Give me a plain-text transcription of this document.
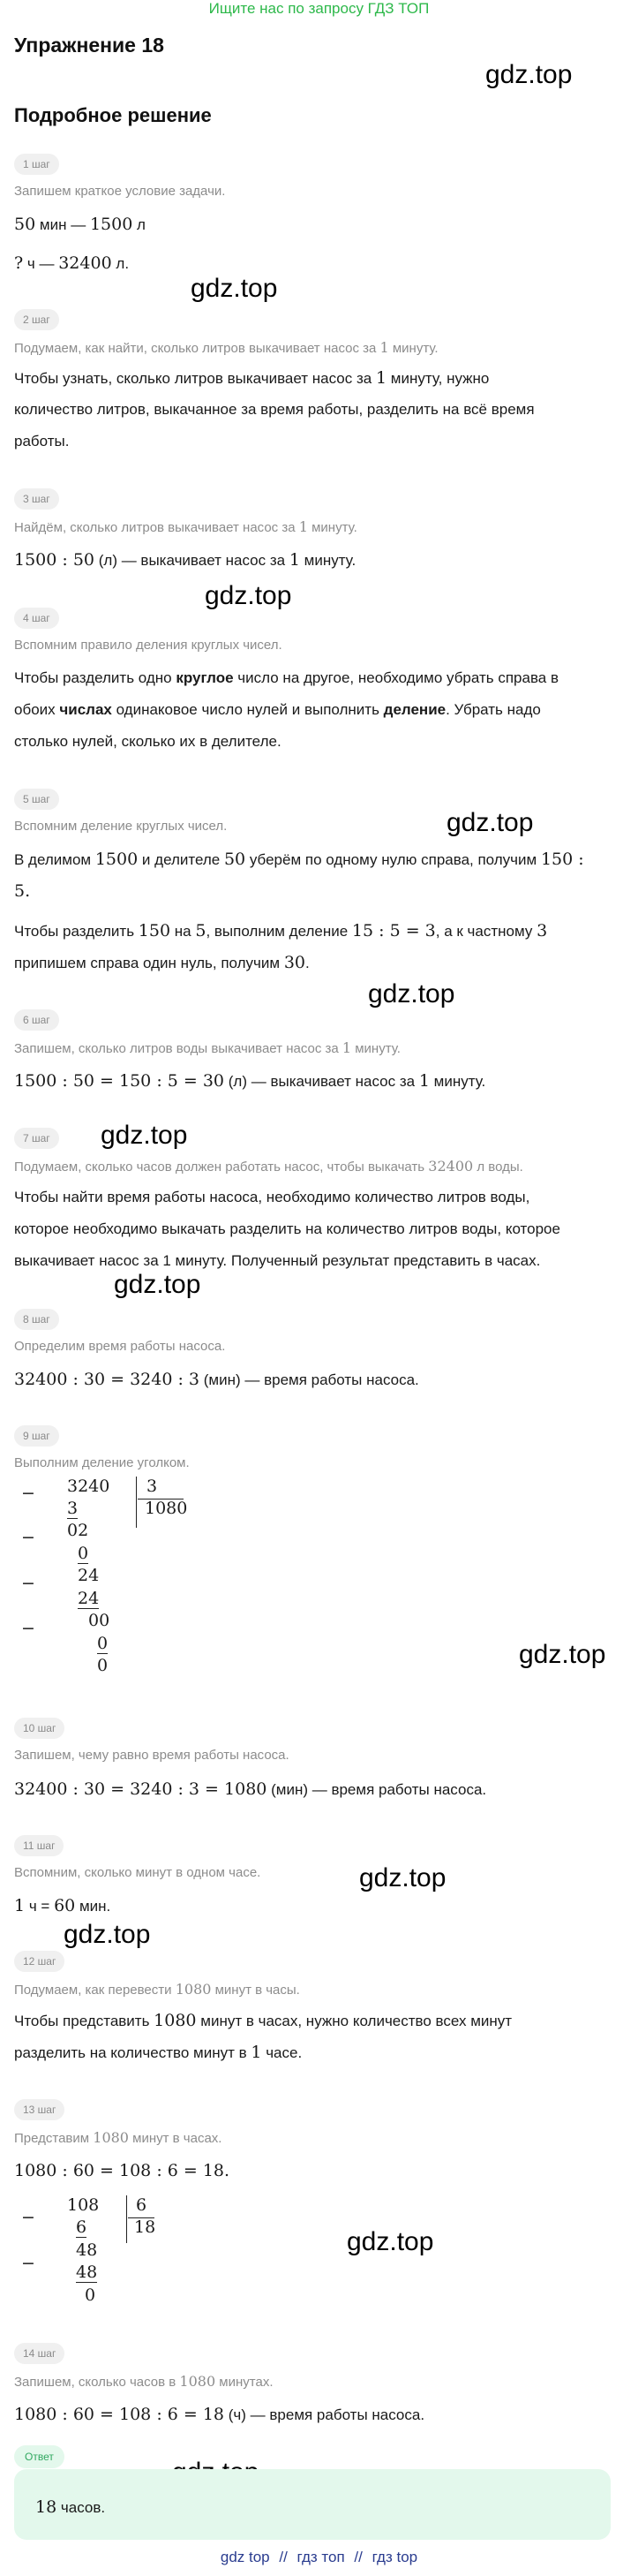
Ищите нас по запросу ГДЗ ТОП
Упражнение 18
Подробное решение
gdz.top
gdz.top
gdz.top
gdz.top
gdz.top
gdz.top
gdz.top
gdz.top
gdz.top
gdz.top
gdz.top
1 шаг
Запишем краткое условие задачи.
50 мин — 1500 л
? ч — 32400 л.
2 шаг
Подумаем, как найти, сколько литров выкачивает насос за 1 минуту.
Чтобы узнать, сколько литров выкачивает насос за 1 минуту, нужно
количество литров, выкачанное за время работы, разделить на всё время
работы.
3 шаг
Найдём, сколько литров выкачивает насос за 1 минуту.
1500 : 50 (л) — выкачивает насос за 1 минуту.
4 шаг
Вспомним правило деления круглых чисел.
Чтобы разделить одно круглое число на другое, необходимо убрать справа в
обоих числах одинаковое число нулей и выполнить деление. Убрать надо
столько нулей, сколько их в делителе.
5 шаг
Вспомним деление круглых чисел.
В делимом 1500 и делителе 50 уберём по одному нулю справа, получим 150 :
5.
Чтобы разделить 150 на 5, выполним деление 15 : 5 = 3, а к частному 3
припишем справа один нуль, получим 30.
6 шаг
Запишем, сколько литров воды выкачивает насос за 1 минуту.
1500 : 50 = 150 : 5 = 30 (л) — выкачивает насос за 1 минуту.
7 шаг
Подумаем, сколько часов должен работать насос, чтобы выкачать 32400 л воды.
Чтобы найти время работы насоса, необходимо количество литров воды,
которое необходимо выкачать разделить на количество литров воды, которое
выкачивает насос за 1 минуту. Полученный результат представить в часах.
8 шаг
Определим время работы насоса.
32400 : 30 = 3240 : 3 (мин) — время работы насоса.
9 шаг
Выполним деление уголком.
−
−
−
−
3240 3
1080
3
02
0
24
24
00
0
0
10 шаг
Запишем, чему равно время работы насоса.
32400 : 30 = 3240 : 3 = 1080 (мин) — время работы насоса.
11 шаг
Вспомним, сколько минут в одном часе.
1 ч = 60 мин.
12 шаг
Подумаем, как перевести 1080 минут в часы.
Чтобы представить 1080 минут в часах, нужно количество всех минут
разделить на количество минут в 1 часе.
13 шаг
Представим 1080 минут в часах.
1080 : 60 = 108 : 6 = 18.
−
−
108 6
18
6
48
48
0
14 шаг
Запишем, сколько часов в 1080 минутах.
1080 : 60 = 108 : 6 = 18 (ч) — время работы насоса.
Ответ
18 часов.
gdz top // гдз топ // гдз top
